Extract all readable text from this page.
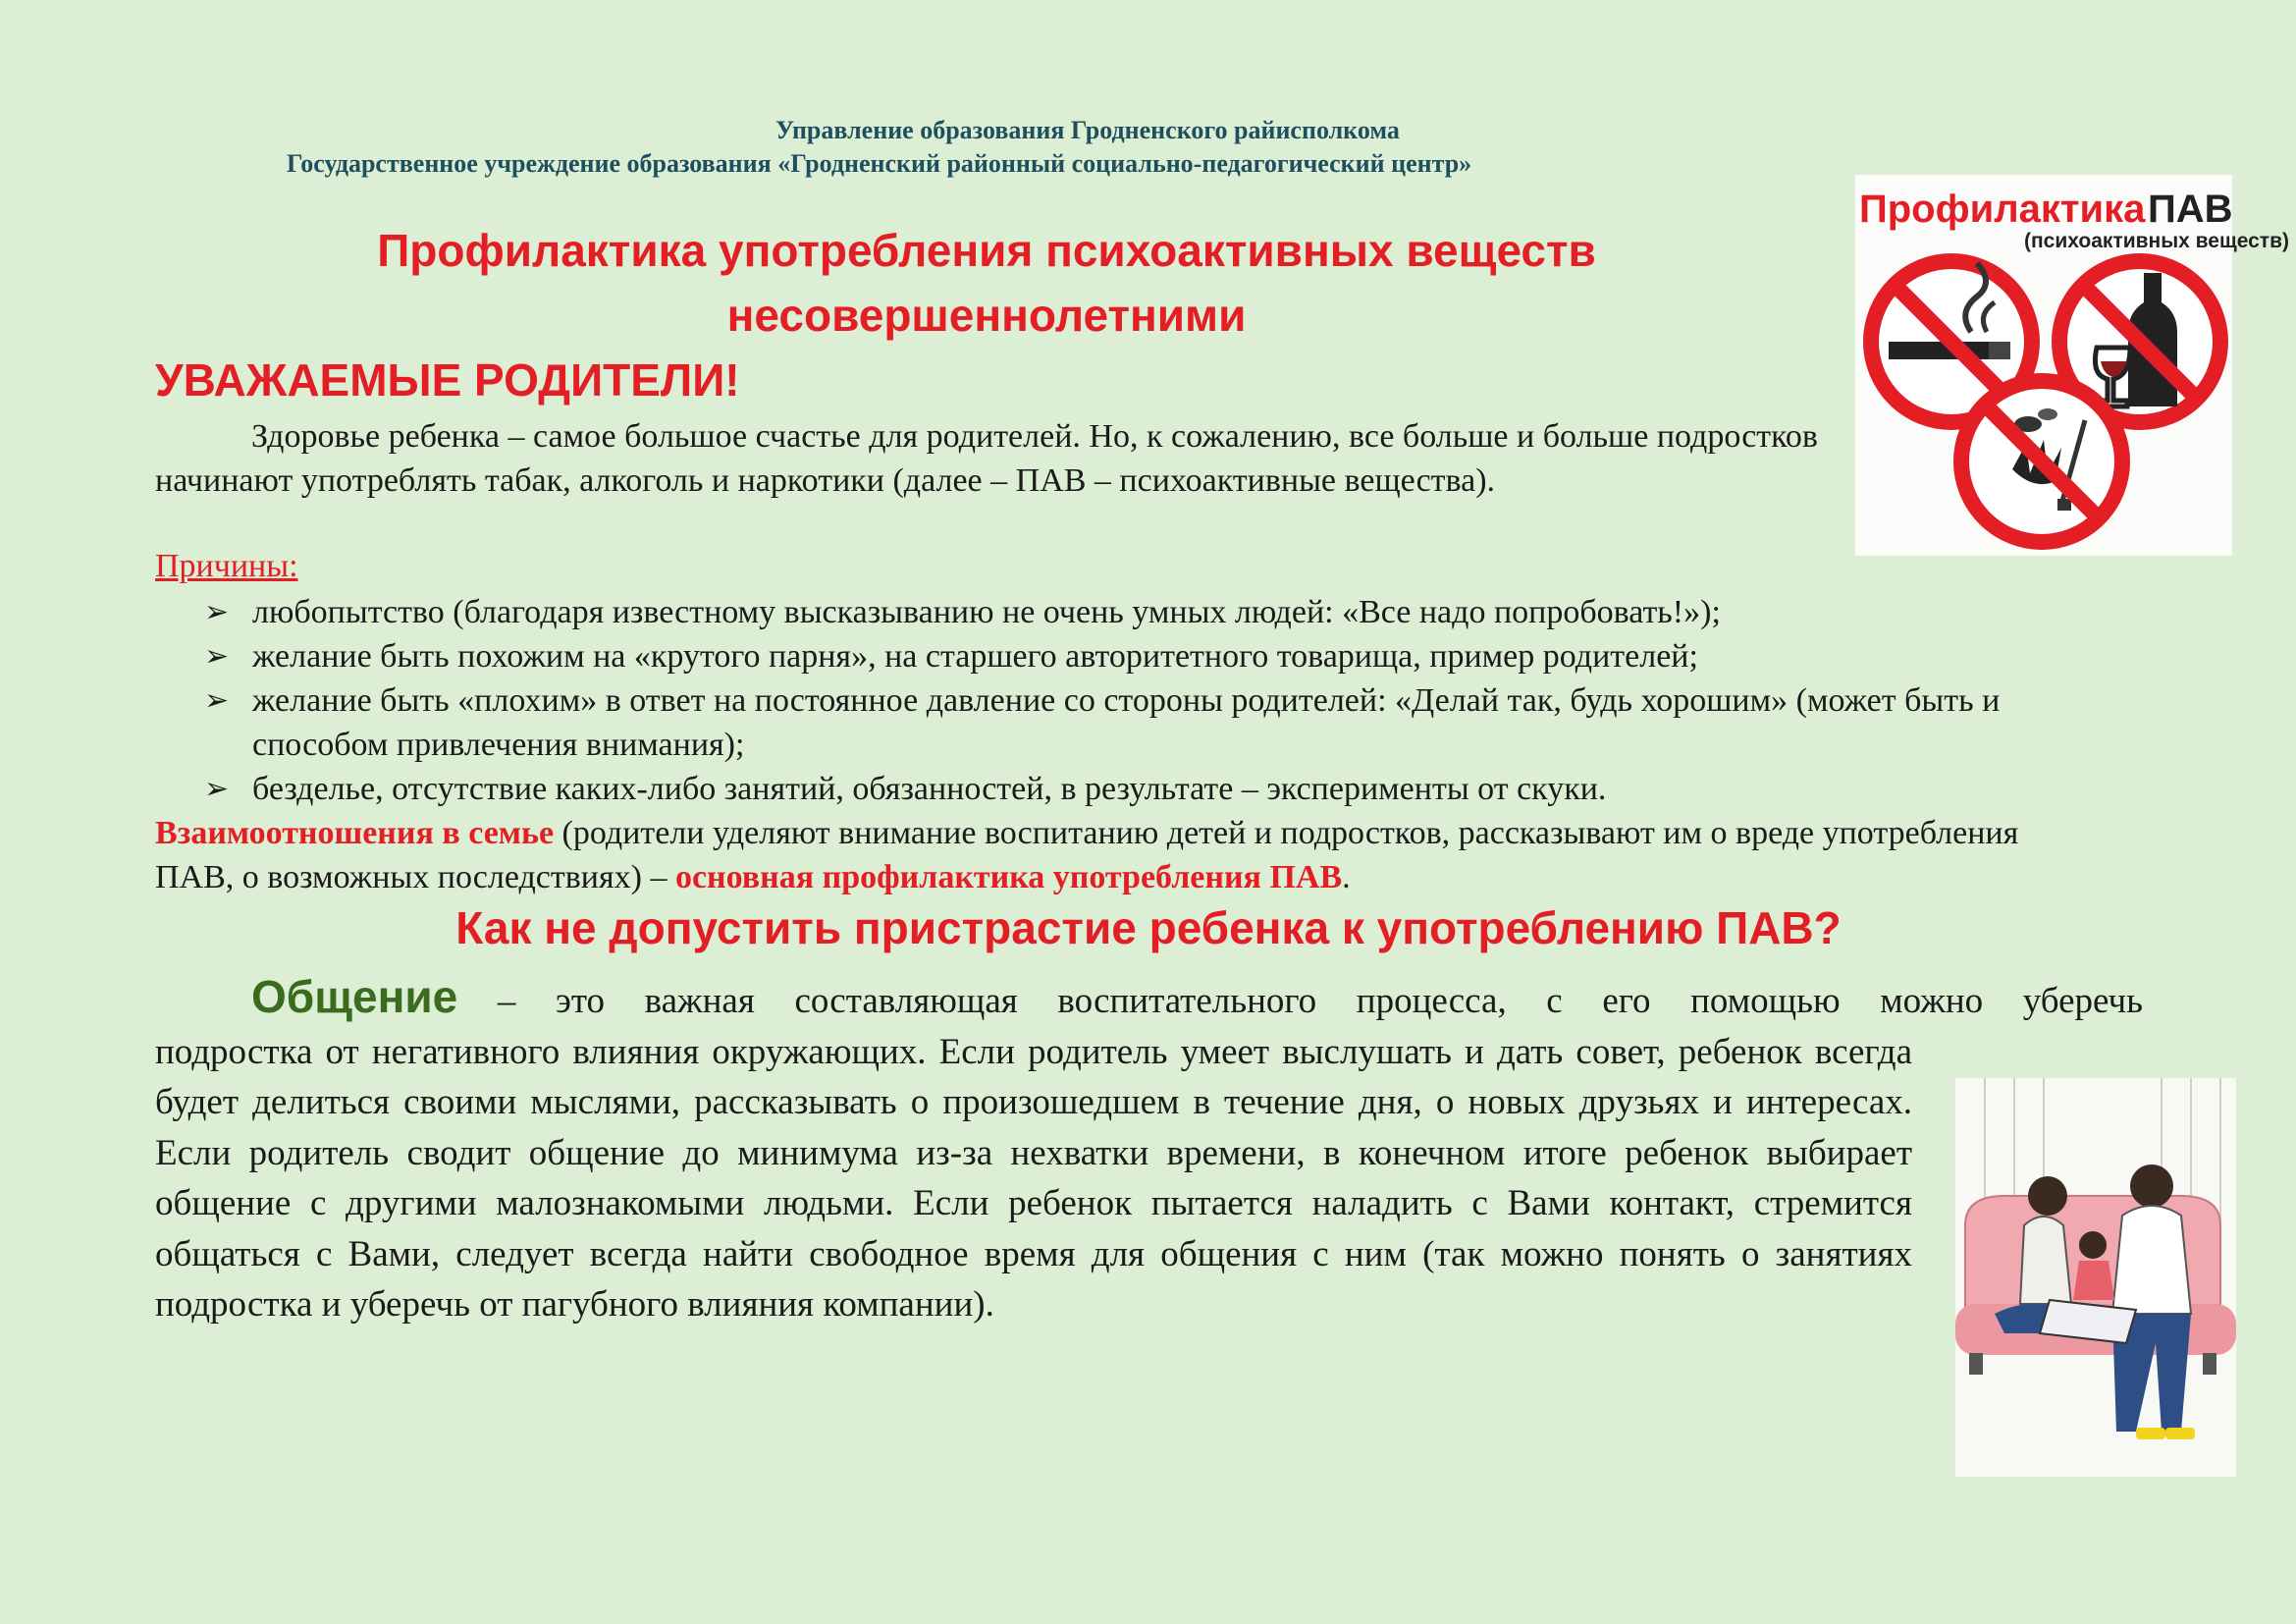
Управление образования Гродненского райисполкома
Государственное учреждение образования «Гродненский районный социально-педагогический центр»
Профилактика употребления психоактивных веществ
несовершеннолетними
УВАЖАЕМЫЕ РОДИТЕЛИ!
Здоровье ребенка – самое большое счастье для родителей. Но, к сожалению, все больше и больше подростков начинают употреблять табак, алкоголь и наркотики (далее – ПАВ – психоактивные вещества).
Причины:
➢ любопытство (благодаря известному высказыванию не очень умных людей: «Все надо попробовать!»);
➢ желание быть похожим на «крутого парня», на старшего авторитетного товарища, пример родителей;
➢ желание быть «плохим» в ответ на постоянное давление со стороны родителей: «Делай так, будь хорошим» (может быть и способом привлечения внимания);
➢ безделье, отсутствие каких-либо занятий, обязанностей, в результате – эксперименты от скуки.
Взаимоотношения в семье (родители уделяют внимание воспитанию детей и подростков, рассказывают им о вреде употребления ПАВ, о возможных последствиях) – основная профилактика употребления ПАВ.
Как не допустить пристрастие ребенка к употреблению ПАВ?
Общение – это важная составляющая воспитательного процесса, с его помощью можно уберечь
подростка от негативного влияния окружающих. Если родитель умеет выслушать и дать совет, ребенок всегда будет делиться своими мыслями, рассказывать о произошедшем в течение дня, о новых друзьях и интересах. Если родитель сводит общение до минимума из-за нехватки времени, в конечном итоге ребенок выбирает общение с другими малознакомыми людьми. Если ребенок пытается наладить с Вами контакт, стремится общаться с Вами, следует всегда найти свободное время для общения с ним (так можно понять о занятиях подростка и уберечь от пагубного влияния компании).
Профилактика ПАВ
(психоактивных веществ)
